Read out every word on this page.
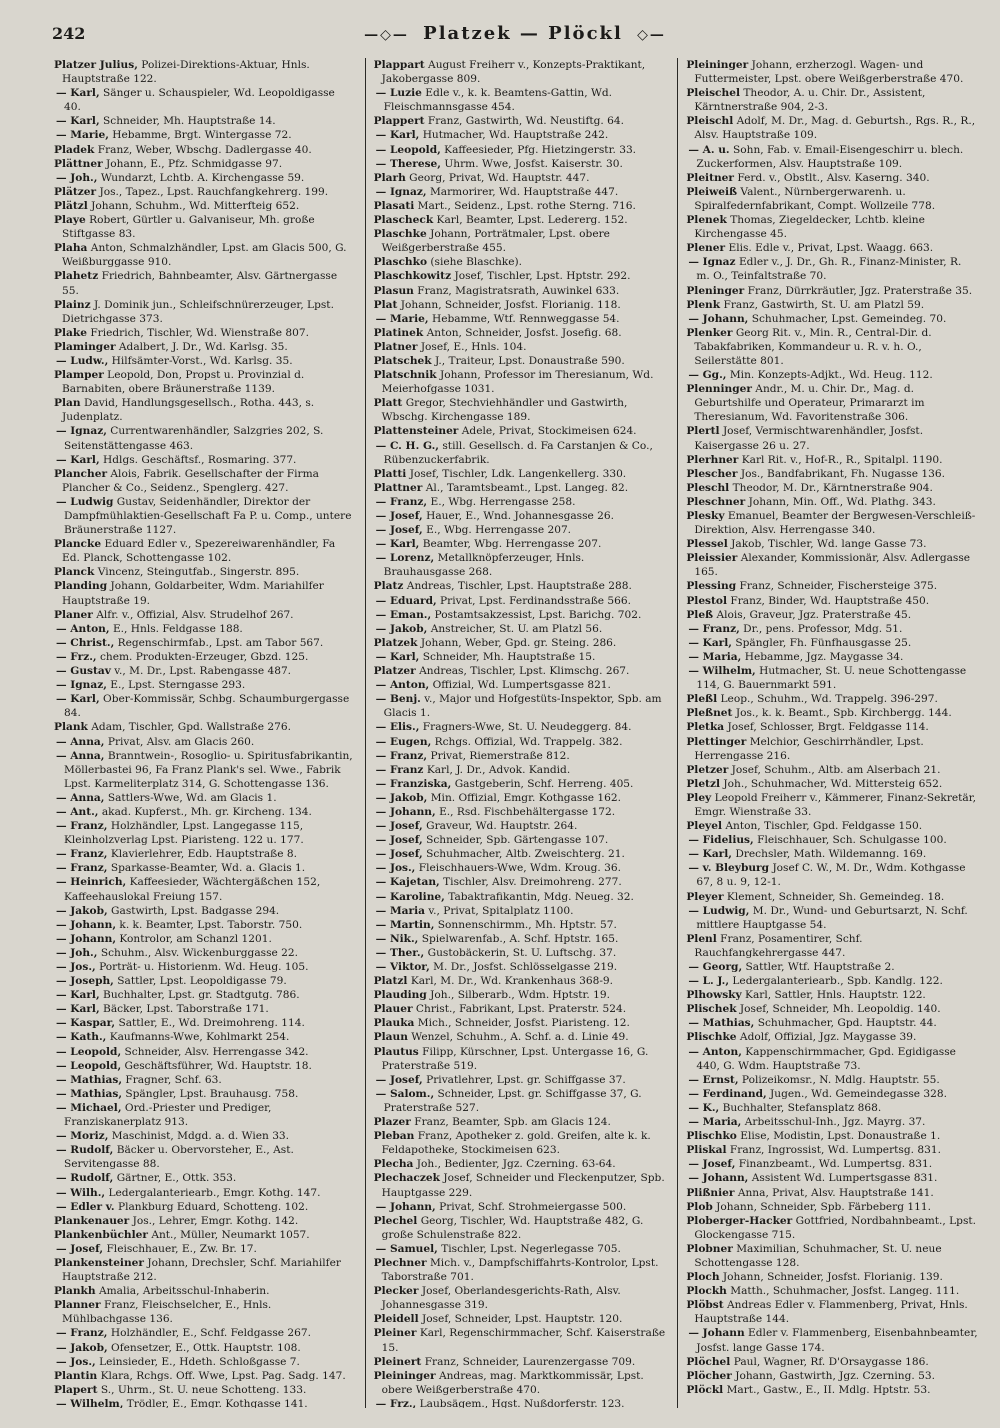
242	—◇— Platzek — Plöckl ◇—

Platzer Julius, Polizei-Direktions-Aktuar, Hnls. Hauptstraße 122.

— Karl, Sänger u. Schauspieler, Wd. Leopoldigasse 40.

— Karl, Schneider, Mh. Hauptstraße 14.

— Marie, Hebamme, Brgt. Wintergasse 72.

Pladek Franz, Weber, Wbschg. Dadlergasse 40.

Plättner Johann, E., Pfz. Schmidgasse 97.

— Joh., Wundarzt, Lchtb. A. Kirchengasse 59.

Plätzer Jos., Tapez., Lpst. Rauchfangkehrerg. 199.

Plätzl Johann, Schuhm., Wd. Mitterfteig 652.

Playe Robert, Gürtler u. Galvaniseur, Mh. große Stiftgasse 83.

Plaha Anton, Schmalzhändler, Lpst. am Glacis 500, G. Weißburggasse 910.

Plahetz Friedrich, Bahnbeamter, Alsv. Gärtnergasse 55.

Plainz J. Dominik jun., Schleifschnürerzeuger, Lpst. Dietrichgasse 373.

Plake Friedrich, Tischler, Wd. Wienstraße 807.

Plaminger Adalbert, J. Dr., Wd. Karlsg. 35.

— Ludw., Hilfsämter-Vorst., Wd. Karlsg. 35.

Plamper Leopold, Don, Propst u. Provinzial d. Barnabiten, obere Bräunerstraße 1139.

Plan David, Handlungsgesellsch., Rotha. 443, s. Judenplatz.

— Ignaz, Currentwarenhändler, Salzgries 202, S. Seitenstättengasse 463.

— Karl, Hdlgs. Geschäftsf., Rosmaring. 377.

Plancher Alois, Fabrik. Gesellschafter der Firma Plancher & Co., Seidenz., Spenglerg. 427.

— Ludwig Gustav, Seidenhändler, Direktor der Dampfmühlaktien-Gesellschaft Fa P. u. Comp., untere Bräunerstraße 1127.

Plancke Eduard Edler v., Spezereiwarenhändler, Fa Ed. Planck, Schottengasse 102.

Planck Vincenz, Steingutfab., Singerstr. 895.

Planding Johann, Goldarbeiter, Wdm. Mariahilfer Hauptstraße 19.

Planer Alfr. v., Offizial, Alsv. Strudelhof 267.

— Anton, E., Hnls. Feldgasse 188.

— Christ., Regenschirmfab., Lpst. am Tabor 567.

— Frz., chem. Produkten-Erzeuger, Gbzd. 125.

— Gustav v., M. Dr., Lpst. Rabengasse 487.

— Ignaz, E., Lpst. Sterngasse 293.

— Karl, Ober-Kommissär, Schbg. Schaumburgergasse 84.

Plank Adam, Tischler, Gpd. Wallstraße 276.

— Anna, Privat, Alsv. am Glacis 260.

— Anna, Branntwein-, Rosoglio- u. Spiritusfabrikantin, Möllerbastei 96, Fa Franz Plank's sel. Wwe., Fabrik Lpst. Karmeliterplatz 314, G. Schottengasse 136.

— Anna, Sattlers-Wwe, Wd. am Glacis 1.

— Ant., akad. Kupferst., Mh. gr. Kircheng. 134.

— Franz, Holzhändler, Lpst. Langegasse 115, Kleinholzverlag Lpst. Piaristeng. 122 u. 177.

— Franz, Klavierlehrer, Edb. Hauptstraße 8.

— Franz, Sparkasse-Beamter, Wd. a. Glacis 1.

— Heinrich, Kaffeesieder, Wächtergäßchen 152, Kaffeehauslokal Freiung 157.

— Jakob, Gastwirth, Lpst. Badgasse 294.

— Johann, k. k. Beamter, Lpst. Taborstr. 750.

— Johann, Kontrolor, am Schanzl 1201.

— Joh., Schuhm., Alsv. Wickenburggasse 22.

— Jos., Porträt- u. Historienm. Wd. Heug. 105.

— Joseph, Sattler, Lpst. Leopoldigasse 79.

— Karl, Buchhalter, Lpst. gr. Stadtgutg. 786.

— Karl, Bäcker, Lpst. Taborstraße 171.

— Kaspar, Sattler, E., Wd. Dreimohreng. 114.

— Kath., Kaufmanns-Wwe, Kohlmarkt 254.

— Leopold, Schneider, Alsv. Herrengasse 342.

— Leopold, Geschäftsführer, Wd. Hauptstr. 18.

— Mathias, Fragner, Schf. 63.

— Mathias, Spängler, Lpst. Brauhausg. 758.

— Michael, Ord.-Priester und Prediger, Franziskanerplatz 913.

— Moriz, Maschinist, Mdgd. a. d. Wien 33.

— Rudolf, Bäcker u. Obervorsteher, E., Ast. Servitengasse 88.

— Rudolf, Gärtner, E., Ottk. 353.

— Wilh., Ledergalanteriearb., Emgr. Kothg. 147.

— Edler v. Plankburg Eduard, Schotteng. 102.

Plankenauer Jos., Lehrer, Emgr. Kothg. 142.

Plankenbüchler Ant., Müller, Neumarkt 1057.

— Josef, Fleischhauer, E., Zw. Br. 17.

Plankensteiner Johann, Drechsler, Schf. Mariahilfer Hauptstraße 212.

Plankh Amalia, Arbeitsschul-Inhaberin.

Planner Franz, Fleischselcher, E., Hnls. Mühlbachgasse 136.

— Franz, Holzhändler, E., Schf. Feldgasse 267.

— Jakob, Ofensetzer, E., Ottk. Hauptstr. 108.

— Jos., Leinsieder, E., Hdeth. Schloßgasse 7.

Plantin Klara, Rchgs. Off. Wwe, Lpst. Pag. Sadg. 147.

Plapert S., Uhrm., St. U. neue Schotteng. 133.

— Wilhelm, Trödler, E., Emgr. Kothgasse 141.

Plappart August Freiherr v., Konzepts-Praktikant, Jakobergasse 809.

— Luzie Edle v., k. k. Beamtens-Gattin, Wd. Fleischmannsgasse 454.

Plappert Franz, Gastwirth, Wd. Neustiftg. 64.

— Karl, Hutmacher, Wd. Hauptstraße 242.

— Leopold, Kaffeesieder, Pfg. Hietzingerstr. 33.

— Therese, Uhrm. Wwe, Josfst. Kaiserstr. 30.

Plarh Georg, Privat, Wd. Hauptstr. 447.

— Ignaz, Marmorirer, Wd. Hauptstraße 447.

Plasati Mart., Seidenz., Lpst. rothe Sterng. 716.

Plascheck Karl, Beamter, Lpst. Ledererg. 152.

Plaschke Johann, Porträtmaler, Lpst. obere Weißgerberstraße 455.

Plaschko (siehe Blaschke).

Plaschkowitz Josef, Tischler, Lpst. Hptstr. 292.

Plasun Franz, Magistratsrath, Auwinkel 633.

Plat Johann, Schneider, Josfst. Florianig. 118.

— Marie, Hebamme, Wtf. Rennweggasse 54.

Platinek Anton, Schneider, Josfst. Josefig. 68.

Platner Josef, E., Hnls. 104.

Platschek J., Traiteur, Lpst. Donaustraße 590.

Platschnik Johann, Professor im Theresianum, Wd. Meierhofgasse 1031.

Platt Gregor, Stechviehhändler und Gastwirth, Wbschg. Kirchengasse 189.

Plattensteiner Adele, Privat, Stockimeisen 624.

— C. H. G., still. Gesellsch. d. Fa Carstanjen & Co., Rübenzuckerfabrik.

Platti Josef, Tischler, Ldk. Langenkellerg. 330.

Plattner Al., Taramtsbeamt., Lpst. Langeg. 82.

— Franz, E., Wbg. Herrengasse 258.

— Josef, Hauer, E., Wnd. Johannesgasse 26.

— Josef, E., Wbg. Herrengasse 207.

— Karl, Beamter, Wbg. Herrengasse 207.

— Lorenz, Metallknöpferzeuger, Hnls. Brauhausgasse 268.

Platz Andreas, Tischler, Lpst. Hauptstraße 288.

— Eduard, Privat, Lpst. Ferdinandsstraße 566.

— Eman., Postamtsakzessist, Lpst. Barichg. 702.

— Jakob, Anstreicher, St. U. am Platzl 56.

Platzek Johann, Weber, Gpd. gr. Steing. 286.

— Karl, Schneider, Mh. Hauptstraße 15.

Platzer Andreas, Tischler, Lpst. Klimschg. 267.

— Anton, Offizial, Wd. Lumpertsgasse 821.

— Benj. v., Major und Hofgestüts-Inspektor, Spb. am Glacis 1.

— Elis., Fragners-Wwe, St. U. Neudeggerg. 84.

— Eugen, Rchgs. Offizial, Wd. Trappelg. 382.

— Franz, Privat, Riemerstraße 812.

— Franz Karl, J. Dr., Advok. Kandid.

— Franziska, Gastgeberin, Schf. Herreng. 405.

— Jakob, Min. Offizial, Emgr. Kothgasse 162.

— Johann, E., Rsd. Fischbehältergasse 172.

— Josef, Graveur, Wd. Hauptstr. 264.

— Josef, Schneider, Spb. Gärtengasse 107.

— Josef, Schuhmacher, Altb. Zweischterg. 21.

— Jos., Fleischhauers-Wwe, Wdm. Kroug. 36.

— Kajetan, Tischler, Alsv. Dreimohreng. 277.

— Karoline, Tabaktrafikantin, Mdg. Neueg. 32.

— Maria v., Privat, Spitalplatz 1100.

— Martin, Sonnenschirmm., Mh. Hptstr. 57.

— Nik., Spielwarenfab., A. Schf. Hptstr. 165.

— Ther., Gustobäckerin, St. U. Luftschg. 37.

— Viktor, M. Dr., Josfst. Schlösselgasse 219.

Platzl Karl, M. Dr., Wd. Krankenhaus 368-9.

Plauding Joh., Silberarb., Wdm. Hptstr. 19.

Plauer Christ., Fabrikant, Lpst. Praterstr. 524.

Plauka Mich., Schneider, Josfst. Piaristeng. 12.

Plaun Wenzel, Schuhm., A. Schf. a. d. Linie 49.

Plautus Filipp, Kürschner, Lpst. Untergasse 16, G. Praterstraße 519.

— Josef, Privatlehrer, Lpst. gr. Schiffgasse 37.

— Salom., Schneider, Lpst. gr. Schiffgasse 37, G. Praterstraße 527.

Plazer Franz, Beamter, Spb. am Glacis 124.

Pleban Franz, Apotheker z. gold. Greifen, alte k. k. Feldapotheke, Stockimeisen 623.

Plecha Joh., Bedienter, Jgz. Czerning. 63-64.

Plechaczek Josef, Schneider und Fleckenputzer, Spb. Hauptgasse 229.

— Johann, Privat, Schf. Strohmeiergasse 500.

Plechel Georg, Tischler, Wd. Hauptstraße 482, G. große Schulenstraße 822.

— Samuel, Tischler, Lpst. Negerlegasse 705.

Plechner Mich. v., Dampfschiffahrts-Kontrolor, Lpst. Taborstraße 701.

Plecker Josef, Oberlandesgerichts-Rath, Alsv. Johannesgasse 319.

Pleidell Josef, Schneider, Lpst. Hauptstr. 120.

Pleiner Karl, Regenschirmmacher, Schf. Kaiserstraße 15.

Pleinert Franz, Schneider, Laurenzergasse 709.

Pleininger Andreas, mag. Marktkommissär, Lpst. obere Weißgerberstraße 470.

— Frz., Laubsägem., Hgst. Nußdorferstr. 123.

Pleininger Johann, erzherzogl. Wagen- und Futtermeister, Lpst. obere Weißgerberstraße 470.

Pleischel Theodor, A. u. Chir. Dr., Assistent, Kärntnerstraße 904, 2-3.

Pleischl Adolf, M. Dr., Mag. d. Geburtsh., Rgs. R., R., Alsv. Hauptstraße 109.

— A. u. Sohn, Fab. v. Email-Eisengeschirr u. blech. Zuckerformen, Alsv. Hauptstraße 109.

Pleitner Ferd. v., Obstlt., Alsv. Kaserng. 340.

Pleiweiß Valent., Nürnbergerwarenh. u. Spiralfedernfabrikant, Compt. Wollzeile 778.

Plenek Thomas, Ziegeldecker, Lchtb. kleine Kirchengasse 45.

Plener Elis. Edle v., Privat, Lpst. Waagg. 663.

— Ignaz Edler v., J. Dr., Gh. R., Finanz-Minister, R. m. O., Teinfaltstraße 70.

Pleninger Franz, Dürrkräutler, Jgz. Praterstraße 35.

Plenk Franz, Gastwirth, St. U. am Platzl 59.

— Johann, Schuhmacher, Lpst. Gemeindeg. 70.

Plenker Georg Rit. v., Min. R., Central-Dir. d. Tabakfabriken, Kommandeur u. R. v. h. O., Seilerstätte 801.

— Gg., Min. Konzepts-Adjkt., Wd. Heug. 112.

Plenninger Andr., M. u. Chir. Dr., Mag. d. Geburtshilfe und Operateur, Primararzt im Theresianum, Wd. Favoritenstraße 306.

Plertl Josef, Vermischtwarenhändler, Josfst. Kaisergasse 26 u. 27.

Plerhner Karl Rit. v., Hof-R., R., Spitalpl. 1190.

Plescher Jos., Bandfabrikant, Fh. Nugasse 136.

Pleschl Theodor, M. Dr., Kärntnerstraße 904.

Pleschner Johann, Min. Off., Wd. Plathg. 343.

Plesky Emanuel, Beamter der Bergwesen-Verschleiß-Direktion, Alsv. Herrengasse 340.

Plessel Jakob, Tischler, Wd. lange Gasse 73.

Pleissier Alexander, Kommissionär, Alsv. Adlergasse 165.

Plessing Franz, Schneider, Fischersteige 375.

Plestol Franz, Binder, Wd. Hauptstraße 450.

Pleß Alois, Graveur, Jgz. Praterstraße 45.

— Franz, Dr., pens. Professor, Mdg. 51.

— Karl, Spängler, Fh. Fünfhausgasse 25.

— Maria, Hebamme, Jgz. Maygasse 34.

— Wilhelm, Hutmacher, St. U. neue Schottengasse 114, G. Bauernmarkt 591.

Pleßl Leop., Schuhm., Wd. Trappelg. 396-297.

Pleßnet Jos., k. k. Beamt., Spb. Kirchbergg. 144.

Pletka Josef, Schlosser, Brgt. Feldgasse 114.

Plettinger Melchior, Geschirrhändler, Lpst. Herrengasse 216.

Pletzer Josef, Schuhm., Altb. am Alserbach 21.

Pletzl Joh., Schuhmacher, Wd. Mittersteig 652.

Pley Leopold Freiherr v., Kämmerer, Finanz-Sekretär, Emgr. Wienstraße 33.

Pleyel Anton, Tischler, Gpd. Feldgasse 150.

— Fidelius, Fleischhauer, Sch. Schulgasse 100.

— Karl, Drechsler, Math. Wildemanng. 169.

— v. Bleyburg Josef C. W., M. Dr., Wdm. Kothgasse 67, 8 u. 9, 12-1.

Pleyer Klement, Schneider, Sh. Gemeindeg. 18.

— Ludwig, M. Dr., Wund- und Geburtsarzt, N. Schf. mittlere Hauptgasse 54.

Plenl Franz, Posamentirer, Schf. Rauchfangkehrergasse 447.

— Georg, Sattler, Wtf. Hauptstraße 2.

— L. J., Ledergalanteriearb., Spb. Kandlg. 122.

Plhowsky Karl, Sattler, Hnls. Hauptstr. 122.

Plischek Josef, Schneider, Mh. Leopoldig. 140.

— Mathias, Schuhmacher, Gpd. Hauptstr. 44.

Plischke Adolf, Offizial, Jgz. Maygasse 39.

— Anton, Kappenschirmmacher, Gpd. Egidigasse 440, G. Wdm. Hauptstraße 73.

— Ernst, Polizeikomsr., N. Mdlg. Hauptstr. 55.

— Ferdinand, Jugen., Wd. Gemeindegasse 328.

— K., Buchhalter, Stefansplatz 868.

— Maria, Arbeitsschul-Inh., Jgz. Mayrg. 37.

Plischko Elise, Modistin, Lpst. Donaustraße 1.

Pliskal Franz, Ingrossist, Wd. Lumpertsg. 831.

— Josef, Finanzbeamt., Wd. Lumpertsg. 831.

— Johann, Assistent Wd. Lumpertsgasse 831.

Plißnier Anna, Privat, Alsv. Hauptstraße 141.

Plob Johann, Schneider, Spb. Färbeberg 111.

Ploberger-Hacker Gottfried, Nordbahnbeamt., Lpst. Glockengasse 715.

Plobner Maximilian, Schuhmacher, St. U. neue Schottengasse 128.

Ploch Johann, Schneider, Josfst. Florianig. 139.

Plockh Matth., Schuhmacher, Josfst. Langeg. 111.

Plöbst Andreas Edler v. Flammenberg, Privat, Hnls. Hauptstraße 144.

— Johann Edler v. Flammenberg, Eisenbahnbeamter, Josfst. lange Gasse 174.

Plöchel Paul, Wagner, Rf. D'Orsaygasse 186.

Plöcher Johann, Gastwirth, Jgz. Czerning. 53.

Plöckl Mart., Gastw., E., II. Mdlg. Hptstr. 53.
